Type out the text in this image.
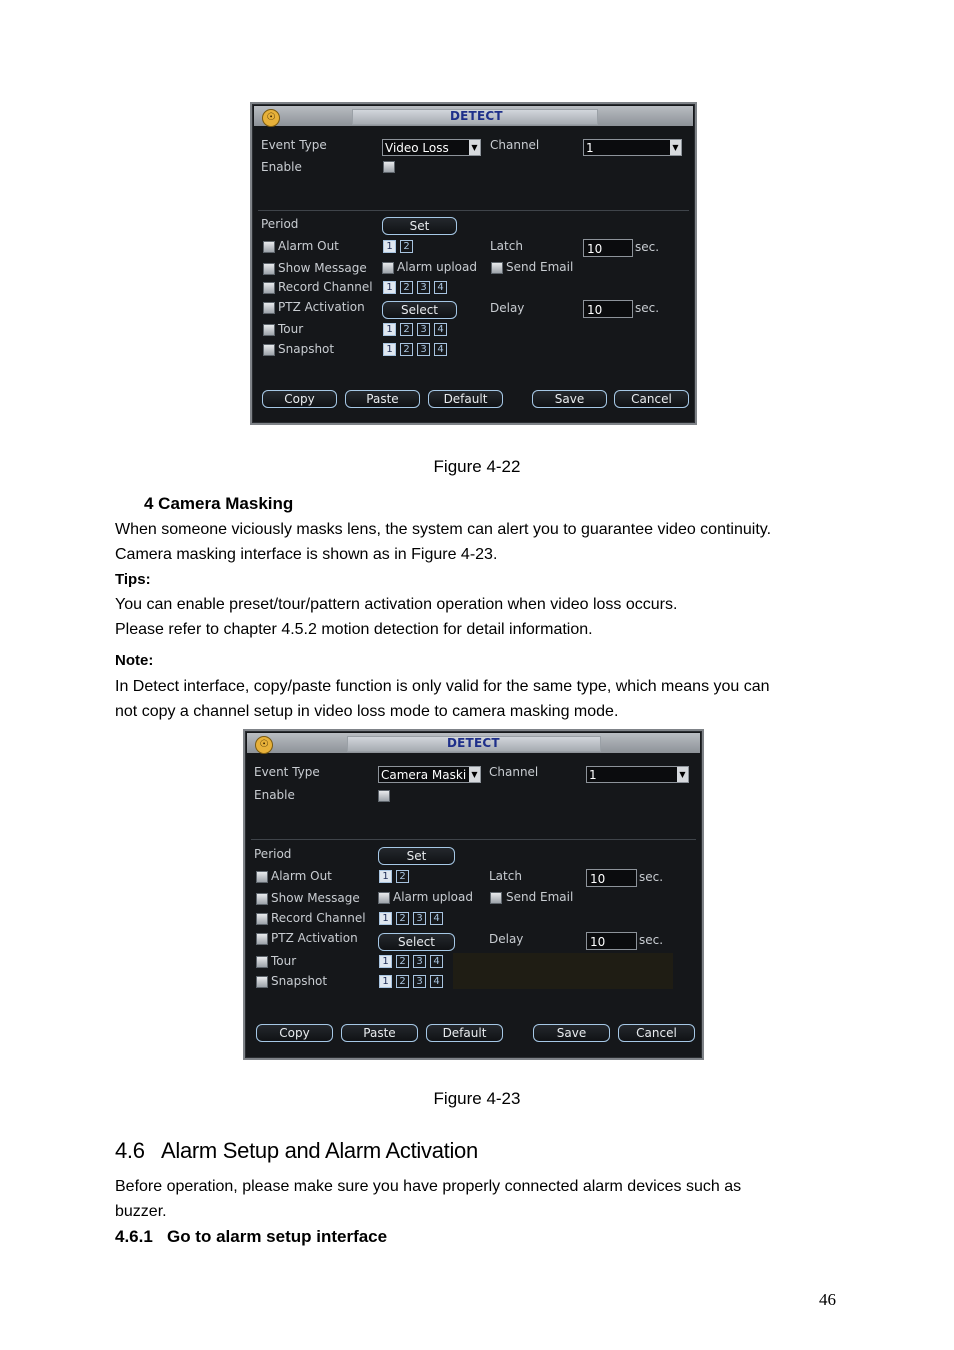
☉	DETECT
Event Type	Video Loss	▼ Channel	1	▼
Enable
Period	Set
Alarm Out	1	2	Latch	10	sec.
Show Message	Alarm upload Send Email
Record Channel	1	2	3	4
PTZ Activation	Select	Delay	10	sec.
Tour	1	2	3	4
Snapshot	1	2	3	4
Copy	Paste	Default	Save	Cancel
Figure 4-22
4 Camera Masking
When someone viciously masks lens, the system can alert you to guarantee video continuity.
Camera masking interface is shown as in Figure 4-23.
Tips:
You can enable preset/tour/pattern activation operation when video loss occurs.
Please refer to chapter 4.5.2 motion detection for detail information.
Note:
In Detect interface, copy/paste function is only valid for the same type, which means you can
not copy a channel setup in video loss mode to camera masking mode.
☉	DETECT
Event Type	Camera Maski ▼ Channel	1	▼
Enable
Period	Set
Alarm Out	1	2	Latch	10	sec.
Show Message	Alarm upload	Send Email
Record Channel	1	2	3	4
PTZ Activation	Select	Delay	10	sec.
Tour	1	2	3	4
Snapshot	1	2	3	4
Copy	Paste	Default	Save	Cancel
Figure 4-23
4.6 Alarm Setup and Alarm Activation
Before operation, please make sure you have properly connected alarm devices such as
buzzer.
4.6.1   Go to alarm setup interface
46
